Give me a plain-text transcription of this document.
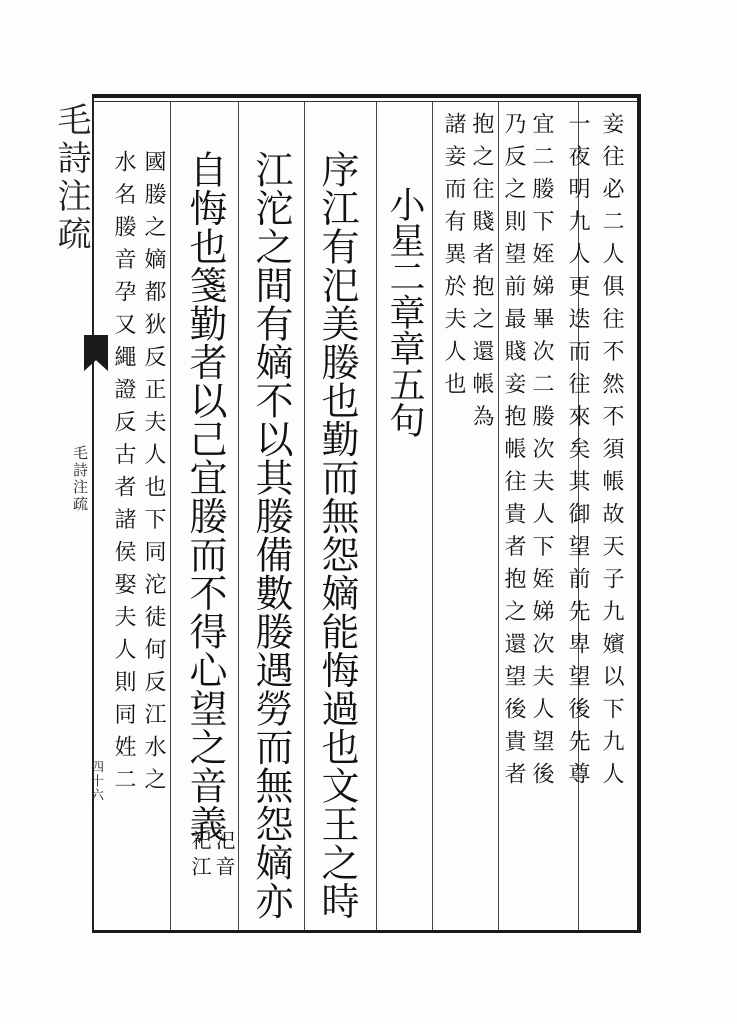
毛詩注疏
毛詩注疏
四十六	妾往必二人俱往不然不須帳故天子九嬪以下九人
一夜明九人更迭而往來矣其御望前先卑望後先尊
宜二媵下姪娣畢次二媵次夫人下姪娣次夫人望後
乃反之則望前最賤妾抱帳往貴者抱之還望後貴者
抱之往賤者抱之還帳為
諸妾而有異於夫人也
小星二章章五句
序江有汜美媵也勤而無怨嫡能悔過也文王之時
江沱之間有嫡不以其媵備數媵遇勞而無怨嫡亦
自悔也箋勤者以己宜媵而不得心望之音義
汜音
祀江
國媵之嫡都狄反正夫人也下同沱徒何反江水之
水名媵音孕又繩證反古者諸侯娶夫人則同姓二
